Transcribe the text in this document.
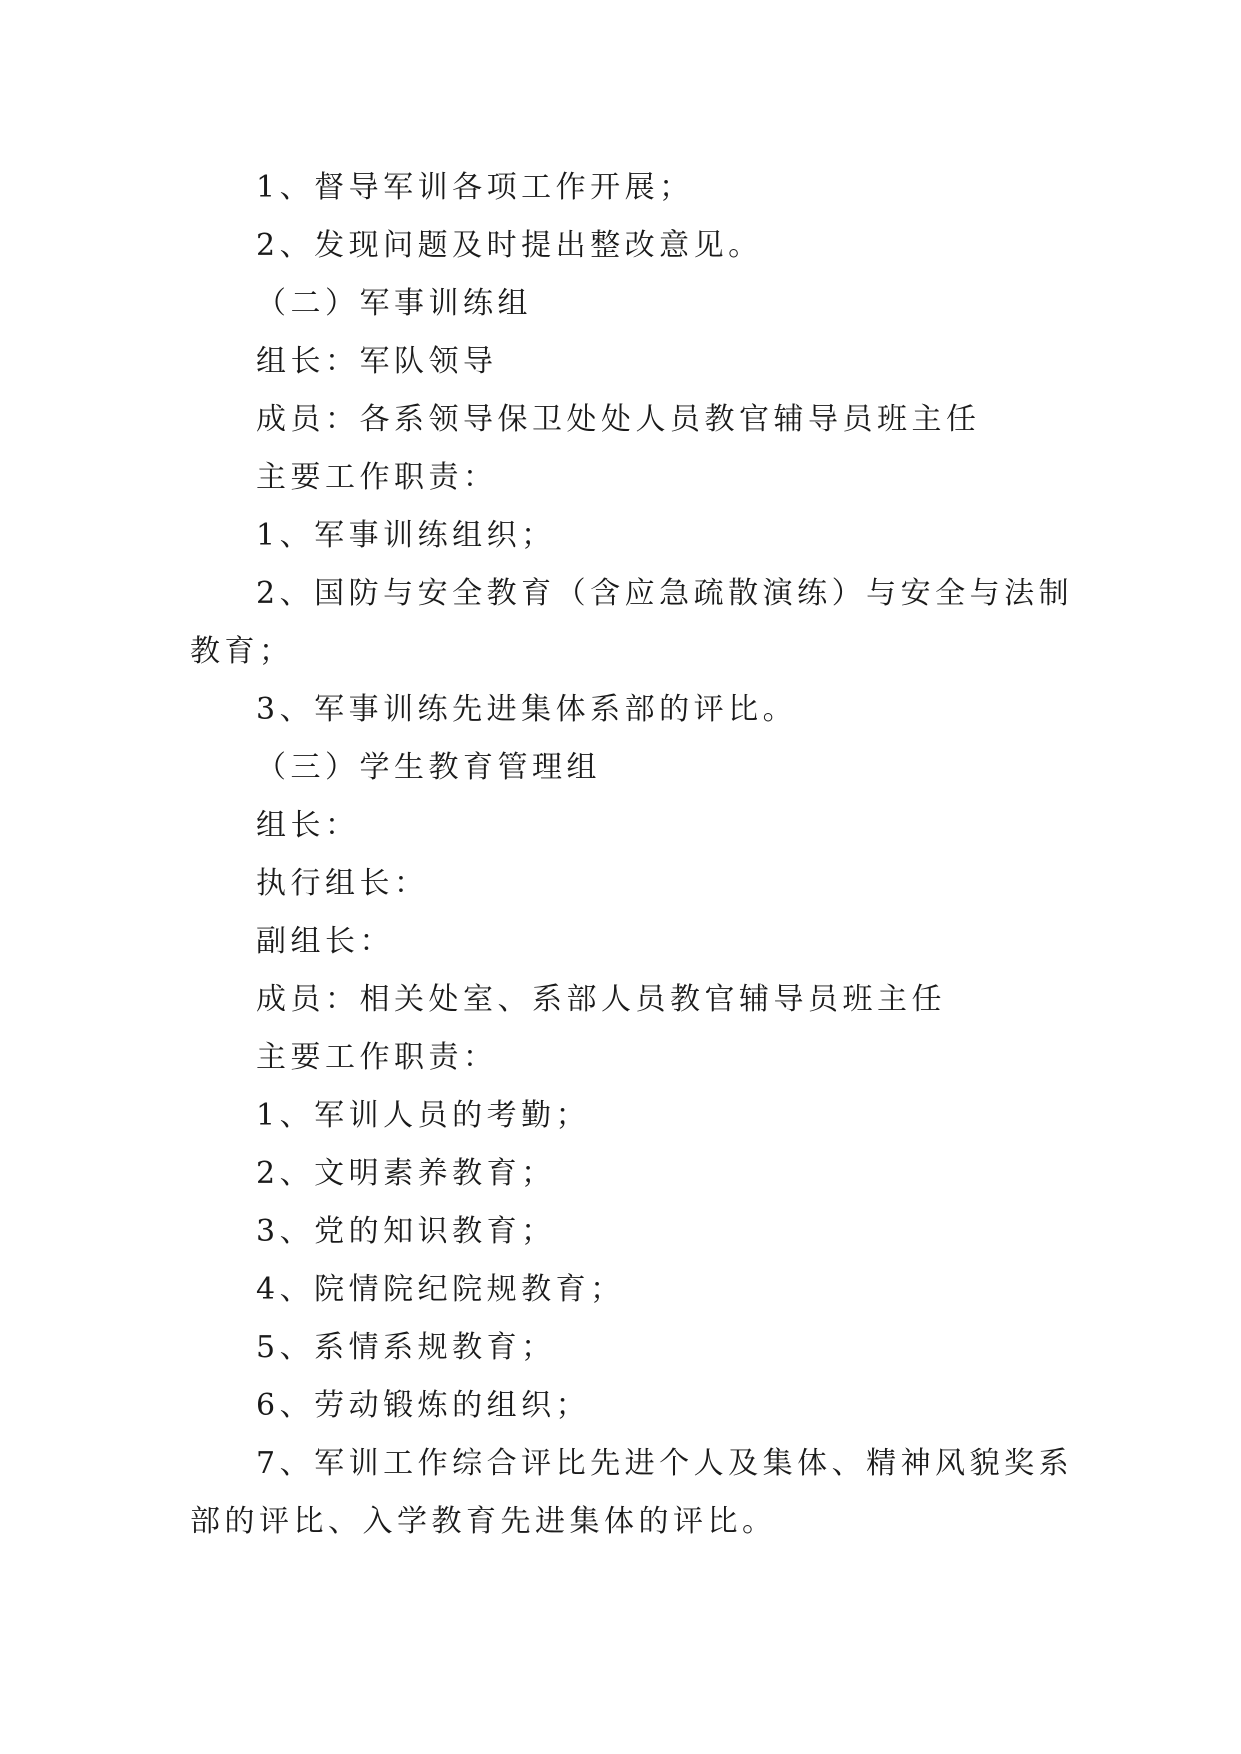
1、督导军训各项工作开展；
2、发现问题及时提出整改意见。
（二）军事训练组
组长：军队领导
成员：各系领导保卫处处人员教官辅导员班主任
主要工作职责：
1、军事训练组织；
2、国防与安全教育（含应急疏散演练）与安全与法制
教育；
3、军事训练先进集体系部的评比。
（三）学生教育管理组
组长：
执行组长：
副组长：
成员：相关处室、系部人员教官辅导员班主任
主要工作职责：
1、军训人员的考勤；
2、文明素养教育；
3、党的知识教育；
4、院情院纪院规教育；
5、系情系规教育；
6、劳动锻炼的组织；
7、军训工作综合评比先进个人及集体、精神风貌奖系
部的评比、入学教育先进集体的评比。
